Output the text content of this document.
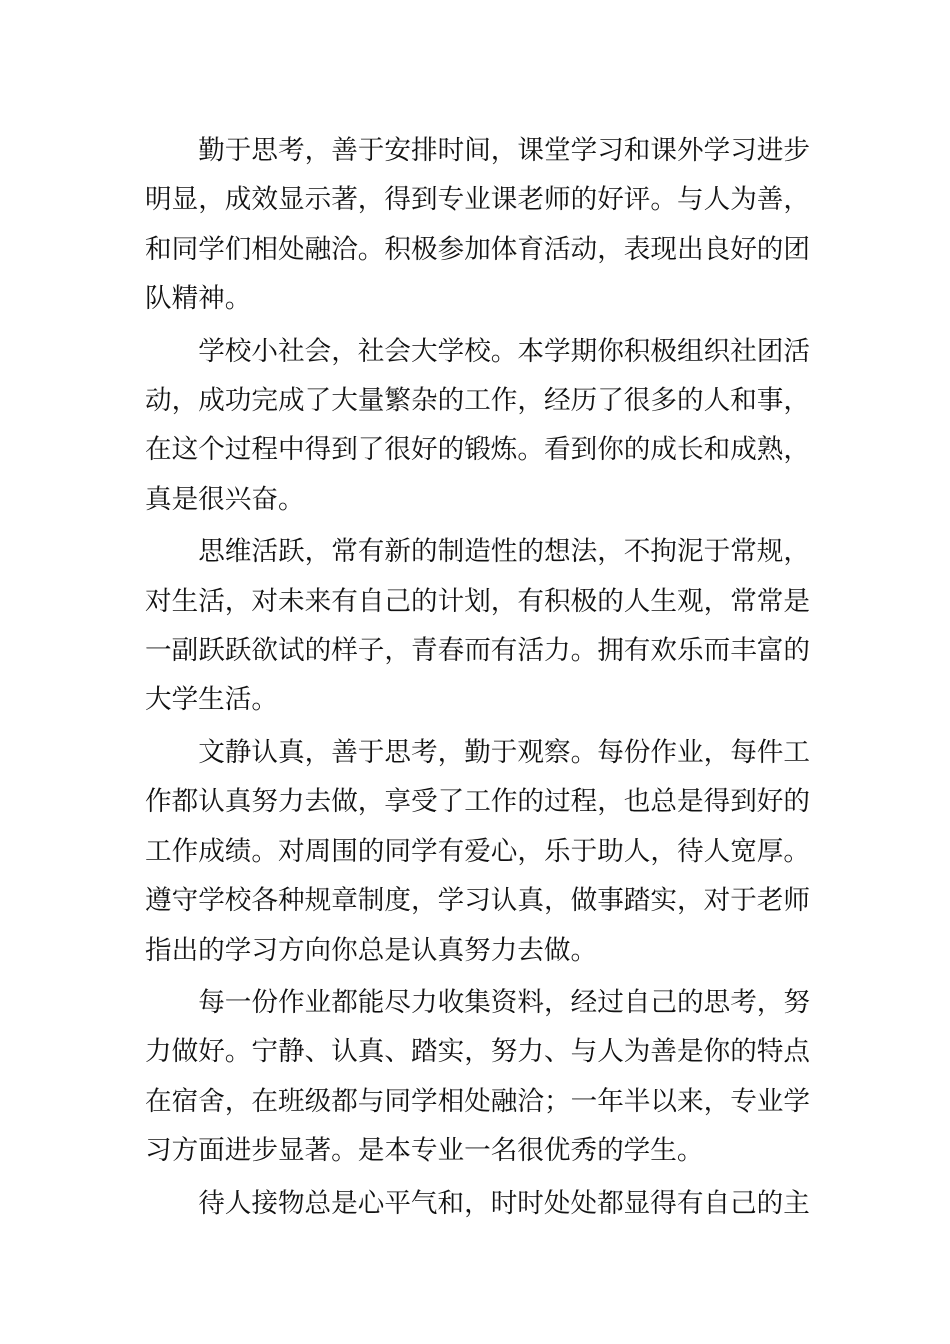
勤于思考，善于安排时间，课堂学习和课外学习进步明显，成效显示著，得到专业课老师的好评。与人为善，和同学们相处融洽。积极参加体育活动，表现出良好的团队精神。

学校小社会，社会大学校。本学期你积极组织社团活动，成功完成了大量繁杂的工作，经历了很多的人和事，在这个过程中得到了很好的锻炼。看到你的成长和成熟，真是很兴奋。

思维活跃，常有新的制造性的想法，不拘泥于常规，对生活，对未来有自己的计划，有积极的人生观，常常是一副跃跃欲试的样子，青春而有活力。拥有欢乐而丰富的大学生活。

文静认真，善于思考，勤于观察。每份作业，每件工作都认真努力去做，享受了工作的过程，也总是得到好的工作成绩。对周围的同学有爱心，乐于助人，待人宽厚。遵守学校各种规章制度，学习认真，做事踏实，对于老师指出的学习方向你总是认真努力去做。

每一份作业都能尽力收集资料，经过自己的思考，努力做好。宁静、认真、踏实，努力、与人为善是你的特点在宿舍，在班级都与同学相处融洽；一年半以来，专业学习方面进步显著。是本专业一名很优秀的学生。

待人接物总是心平气和，时时处处都显得有自己的主
